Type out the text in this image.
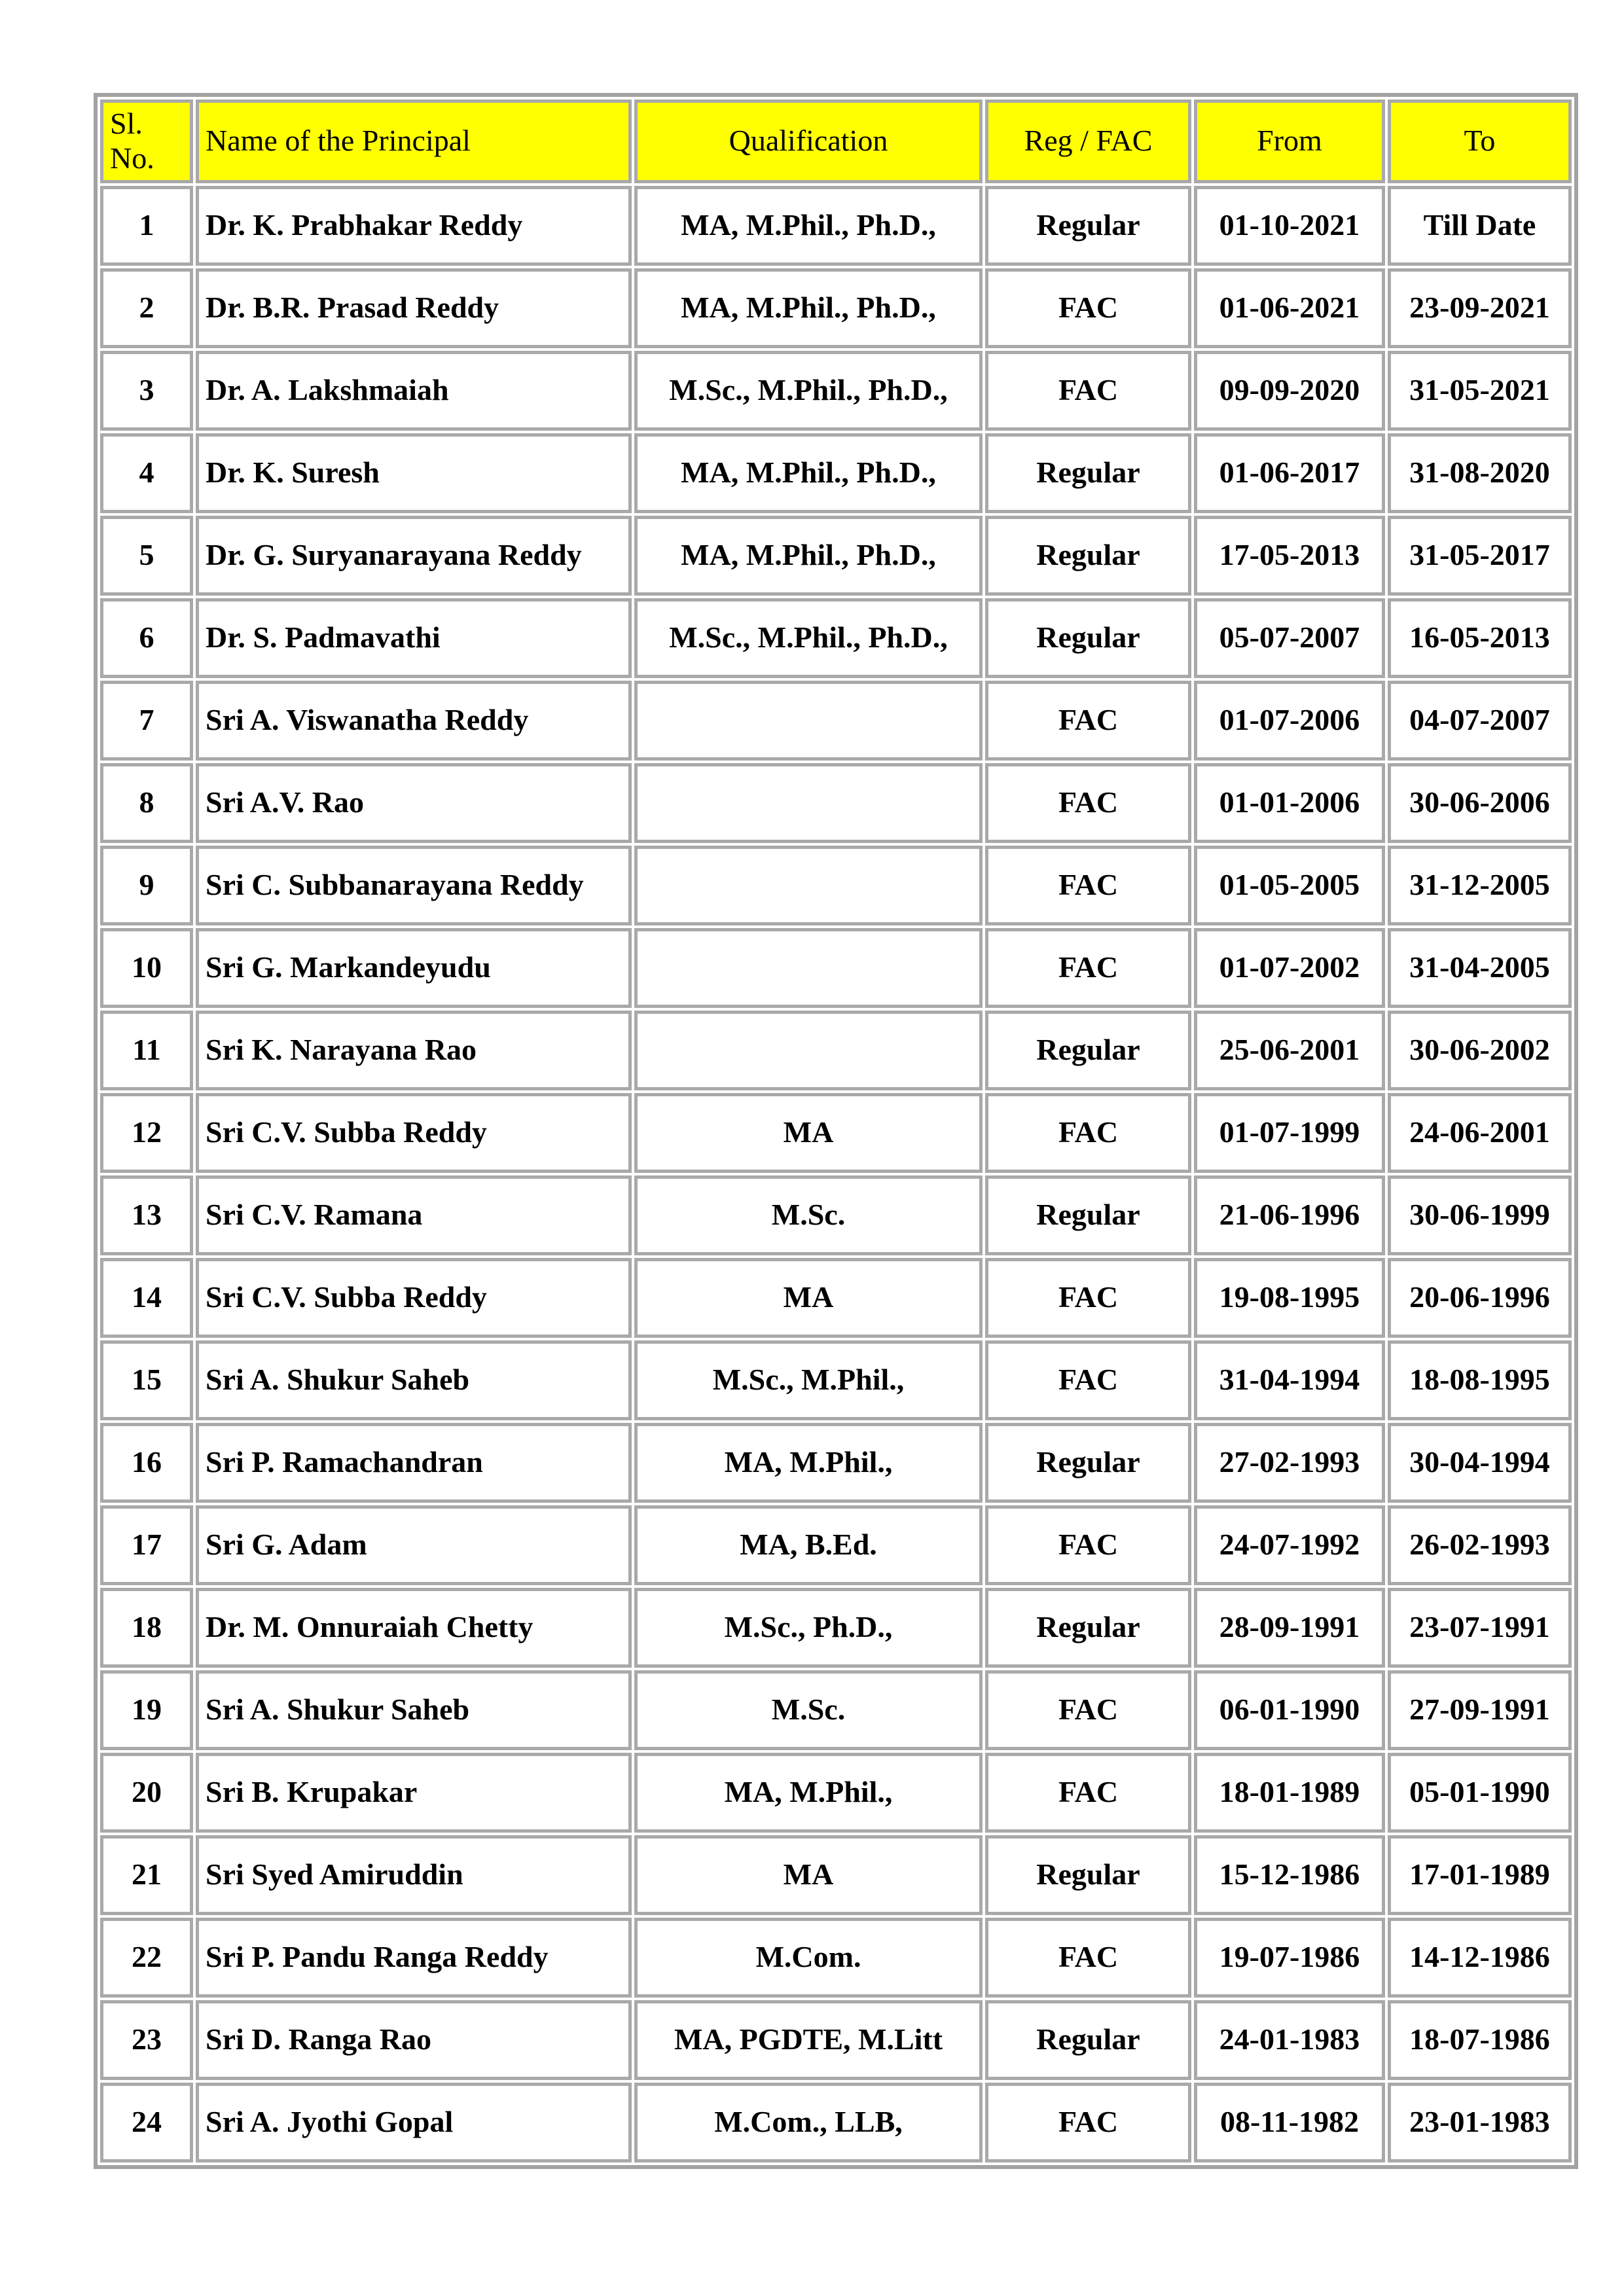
Sl. No.	Name of the Principal	Qualification	Reg / FAC	From	To
1	Dr. K. Prabhakar Reddy	MA, M.Phil., Ph.D.,	Regular	01-10-2021	Till Date
2	Dr. B.R. Prasad Reddy	MA, M.Phil., Ph.D.,	FAC	01-06-2021	23-09-2021
3	Dr. A. Lakshmaiah	M.Sc., M.Phil., Ph.D.,	FAC	09-09-2020	31-05-2021
4	Dr. K. Suresh	MA, M.Phil., Ph.D.,	Regular	01-06-2017	31-08-2020
5	Dr. G. Suryanarayana Reddy	MA, M.Phil., Ph.D.,	Regular	17-05-2013	31-05-2017
6	Dr. S. Padmavathi	M.Sc., M.Phil., Ph.D.,	Regular	05-07-2007	16-05-2013
7	Sri A. Viswanatha Reddy		FAC	01-07-2006	04-07-2007
8	Sri A.V. Rao		FAC	01-01-2006	30-06-2006
9	Sri C. Subbanarayana Reddy		FAC	01-05-2005	31-12-2005
10	Sri G. Markandeyudu		FAC	01-07-2002	31-04-2005
11	Sri K. Narayana Rao		Regular	25-06-2001	30-06-2002
12	Sri C.V. Subba Reddy	MA	FAC	01-07-1999	24-06-2001
13	Sri C.V. Ramana	M.Sc.	Regular	21-06-1996	30-06-1999
14	Sri C.V. Subba Reddy	MA	FAC	19-08-1995	20-06-1996
15	Sri A. Shukur Saheb	M.Sc., M.Phil.,	FAC	31-04-1994	18-08-1995
16	Sri P. Ramachandran	MA, M.Phil.,	Regular	27-02-1993	30-04-1994
17	Sri G. Adam	MA, B.Ed.	FAC	24-07-1992	26-02-1993
18	Dr. M. Onnuraiah Chetty	M.Sc., Ph.D.,	Regular	28-09-1991	23-07-1991
19	Sri A. Shukur Saheb	M.Sc.	FAC	06-01-1990	27-09-1991
20	Sri B. Krupakar	MA, M.Phil.,	FAC	18-01-1989	05-01-1990
21	Sri Syed Amiruddin	MA	Regular	15-12-1986	17-01-1989
22	Sri P. Pandu Ranga Reddy	M.Com.	FAC	19-07-1986	14-12-1986
23	Sri D. Ranga Rao	MA, PGDTE, M.Litt	Regular	24-01-1983	18-07-1986
24	Sri A. Jyothi Gopal	M.Com., LLB,	FAC	08-11-1982	23-01-1983
